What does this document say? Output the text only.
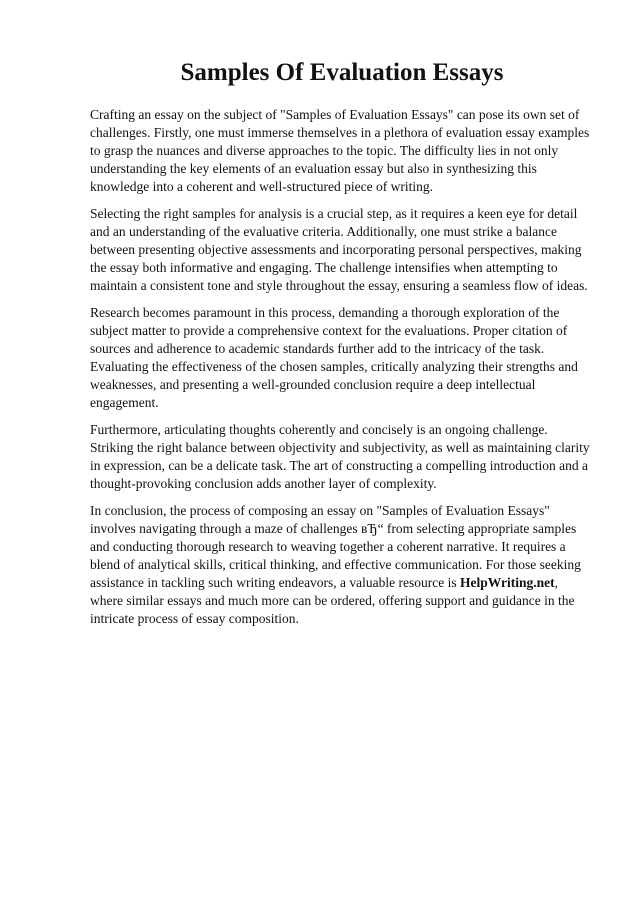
Samples Of Evaluation Essays

Crafting an essay on the subject of "Samples of Evaluation Essays" can pose its own set of challenges. Firstly, one must immerse themselves in a plethora of evaluation essay examples to grasp the nuances and diverse approaches to the topic. The difficulty lies in not only understanding the key elements of an evaluation essay but also in synthesizing this knowledge into a coherent and well-structured piece of writing.

Selecting the right samples for analysis is a crucial step, as it requires a keen eye for detail and an understanding of the evaluative criteria. Additionally, one must strike a balance between presenting objective assessments and incorporating personal perspectives, making the essay both informative and engaging. The challenge intensifies when attempting to maintain a consistent tone and style throughout the essay, ensuring a seamless flow of ideas.

Research becomes paramount in this process, demanding a thorough exploration of the subject matter to provide a comprehensive context for the evaluations. Proper citation of sources and adherence to academic standards further add to the intricacy of the task. Evaluating the effectiveness of the chosen samples, critically analyzing their strengths and weaknesses, and presenting a well-grounded conclusion require a deep intellectual engagement.

Furthermore, articulating thoughts coherently and concisely is an ongoing challenge. Striking the right balance between objectivity and subjectivity, as well as maintaining clarity in expression, can be a delicate task. The art of constructing a compelling introduction and a thought-provoking conclusion adds another layer of complexity.

In conclusion, the process of composing an essay on "Samples of Evaluation Essays" involves navigating through a maze of challenges вЂ“ from selecting appropriate samples and conducting thorough research to weaving together a coherent narrative. It requires a blend of analytical skills, critical thinking, and effective communication. For those seeking assistance in tackling such writing endeavors, a valuable resource is HelpWriting.net, where similar essays and much more can be ordered, offering support and guidance in the intricate process of essay composition.
